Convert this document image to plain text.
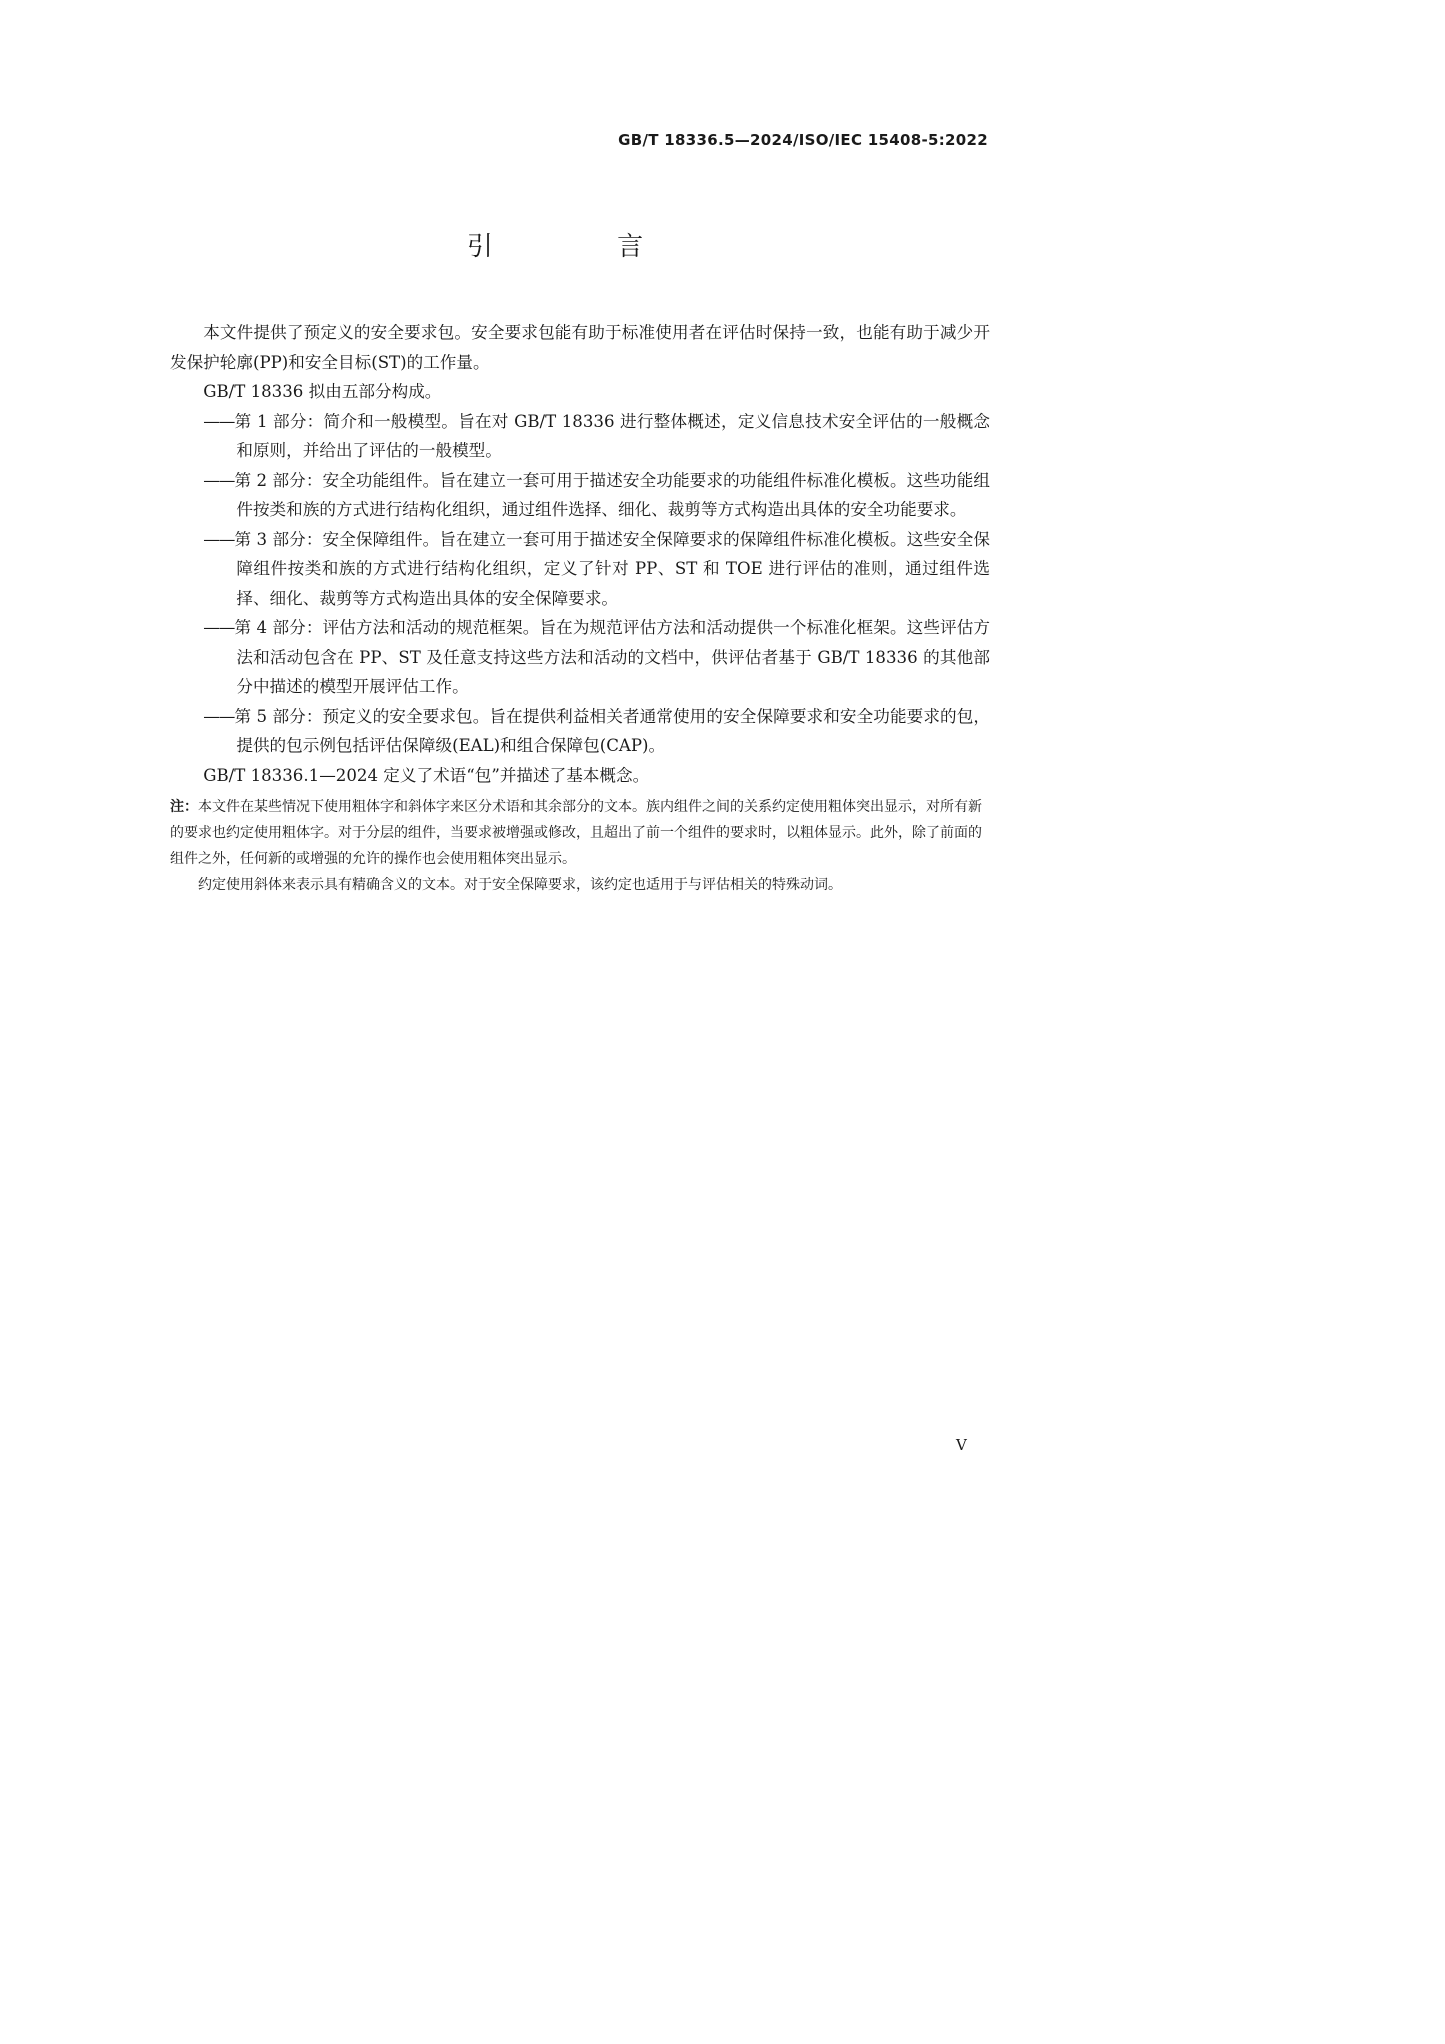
GB/T 18336.5—2024/ISO/IEC 15408-5:2022
引 言

本文件提供了预定义的安全要求包。安全要求包能有助于标准使用者在评估时保持一致，也能有助于减少开发保护轮廓(PP)和安全目标(ST)的工作量。

GB/T 18336 拟由五部分构成。

——第 1 部分：简介和一般模型。旨在对 GB/T 18336 进行整体概述，定义信息技术安全评估的一般概念和原则，并给出了评估的一般模型。

——第 2 部分：安全功能组件。旨在建立一套可用于描述安全功能要求的功能组件标准化模板。这些功能组件按类和族的方式进行结构化组织，通过组件选择、细化、裁剪等方式构造出具体的安全功能要求。

——第 3 部分：安全保障组件。旨在建立一套可用于描述安全保障要求的保障组件标准化模板。这些安全保障组件按类和族的方式进行结构化组织，定义了针对 PP、ST 和 TOE 进行评估的准则，通过组件选择、细化、裁剪等方式构造出具体的安全保障要求。

——第 4 部分：评估方法和活动的规范框架。旨在为规范评估方法和活动提供一个标准化框架。这些评估方法和活动包含在 PP、ST 及任意支持这些方法和活动的文档中，供评估者基于 GB/T 18336 的其他部分中描述的模型开展评估工作。

——第 5 部分：预定义的安全要求包。旨在提供利益相关者通常使用的安全保障要求和安全功能要求的包，提供的包示例包括评估保障级(EAL)和组合保障包(CAP)。

GB/T 18336.1—2024 定义了术语“包”并描述了基本概念。

注：本文件在某些情况下使用粗体字和斜体字来区分术语和其余部分的文本。族内组件之间的关系约定使用粗体突出显示，对所有新的要求也约定使用粗体字。对于分层的组件，当要求被增强或修改，且超出了前一个组件的要求时，以粗体显示。此外，除了前面的组件之外，任何新的或增强的允许的操作也会使用粗体突出显示。
约定使用斜体来表示具有精确含义的文本。对于安全保障要求，该约定也适用于与评估相关的特殊动词。
V
